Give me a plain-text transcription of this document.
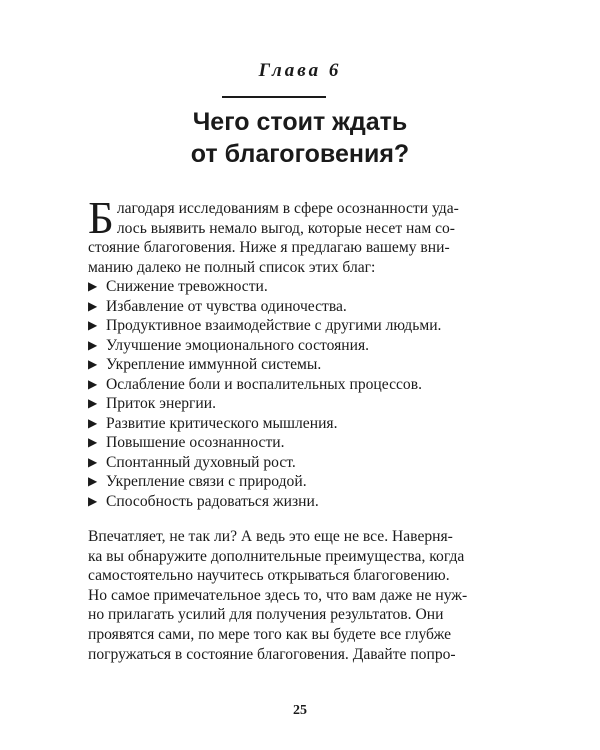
Глава 6
Чего стоит ждать
от благоговения?
Б лагодаря исследованиям в сфере осознанности уда-
лось выявить немало выгод, которые несет нам со-
стояние благоговения. Ниже я предлагаю вашему вни-
манию далеко не полный список этих благ:
▶ Снижение тревожности.
▶ Избавление от чувства одиночества.
▶ Продуктивное взаимодействие с другими людьми.
▶ Улучшение эмоционального состояния.
▶ Укрепление иммунной системы.
▶ Ослабление боли и воспалительных процессов.
▶ Приток энергии.
▶ Развитие критического мышления.
▶ Повышение осознанности.
▶ Спонтанный духовный рост.
▶ Укрепление связи с природой.
▶ Способность радоваться жизни.
Впечатляет, не так ли? А ведь это еще не все. Наверня-
ка вы обнаружите дополнительные преимущества, когда
самостоятельно научитесь открываться благоговению.
Но самое примечательное здесь то, что вам даже не нуж-
но прилагать усилий для получения результатов. Они
проявятся сами, по мере того как вы будете все глубже
погружаться в состояние благоговения. Давайте попро-
25
